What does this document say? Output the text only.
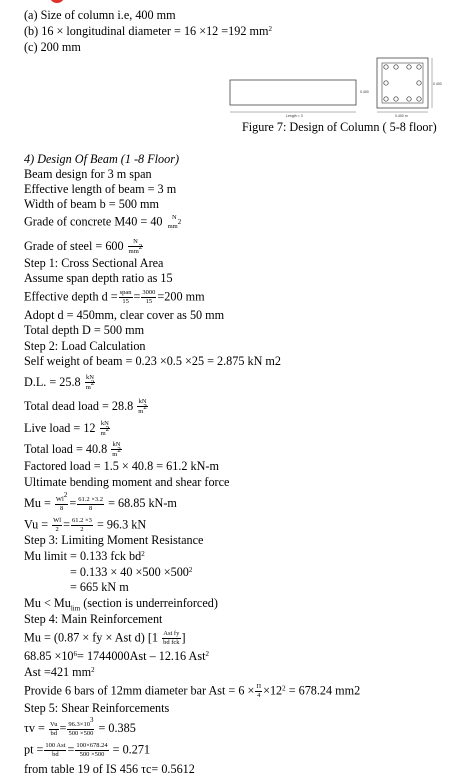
(a) Size of column i.e, 400 mm
(b) 16 × longitudinal diameter = 16 ×12 =192 $mm^2$
(c) 200 mm
0.400
Length = 3
0.400
0.400 m
Figure 7: Design of Column ( 5-8 floor)
4) Design Of Beam (1 -8 Floor)
Beam design for 3 m span
Effective length of beam = 3 m
Width of beam b = 500 mm
Grade of concrete M40 = 40	N
$mm^2$
Grade of steel = $600 \frac{N}{mm^2}$
Step 1: Cross Sectional Area
Assume span depth ratio as 15
Effective depth d = span
$15 = \frac{3000}{15} =200$ mm
Adopt d = 450mm, clear cover as 50 mm
Total depth D = 500 mm
Step 2: Load Calculation
Self weight of beam = 0.23 ×0.5 ×25 = 2.875 kN m2
D.L. = $25.8 \frac{kN}{m^2}$
Total dead load = $28.8 \frac{kN}{m^2}$
Live load = $12 \frac{kN}{m^2}$
Total load = $40.8 \frac{kN}{m^2}$
Factored load = 1.5 × 40.8 = 61.2 kN-m
Ultimate bending moment and shear force
$Mu = \frac{Wl^2}{8} = \frac{61.2 \times 3.2}{8} = 68.85$ kN-m
$Vu = \frac{Wl}{2} = \frac{61.2 \times 3}{2} = 96.3$ kN
Step 3: Limiting Moment Resistance
Mu limit = 0.133 fck $bd^2$
= $0.133 \times 40 \times 500 \times 500^2$
= 665 kN m
$Mu < Mu_{lim}$ (section is underreinforced)
Step 4: Main Reinforcement
Mu = (0.87 × fy × Ast d) [1 Ast fy
bd fck ]
$68.85 \times 10^6= 1744000Ast - 12.16$ Ast$^2$
Ast =421 $mm^2$
Provide 6 bars of 12mm diameter bar Ast = $6 \times \frac{\Pi}{4} \times 12^2 = 678.24$ mm2
Step 5: Shear Reinforcements
$\tau v = \frac{Vu}{bd} = \frac{96.3\times 10^3}{500 \times 500} = 0.385$
pt = 100 Ast
bd = $\frac{100\times 678.24}{500 \times 500} = 0.271$
from table 19 of IS 456 τc= 0.5612
